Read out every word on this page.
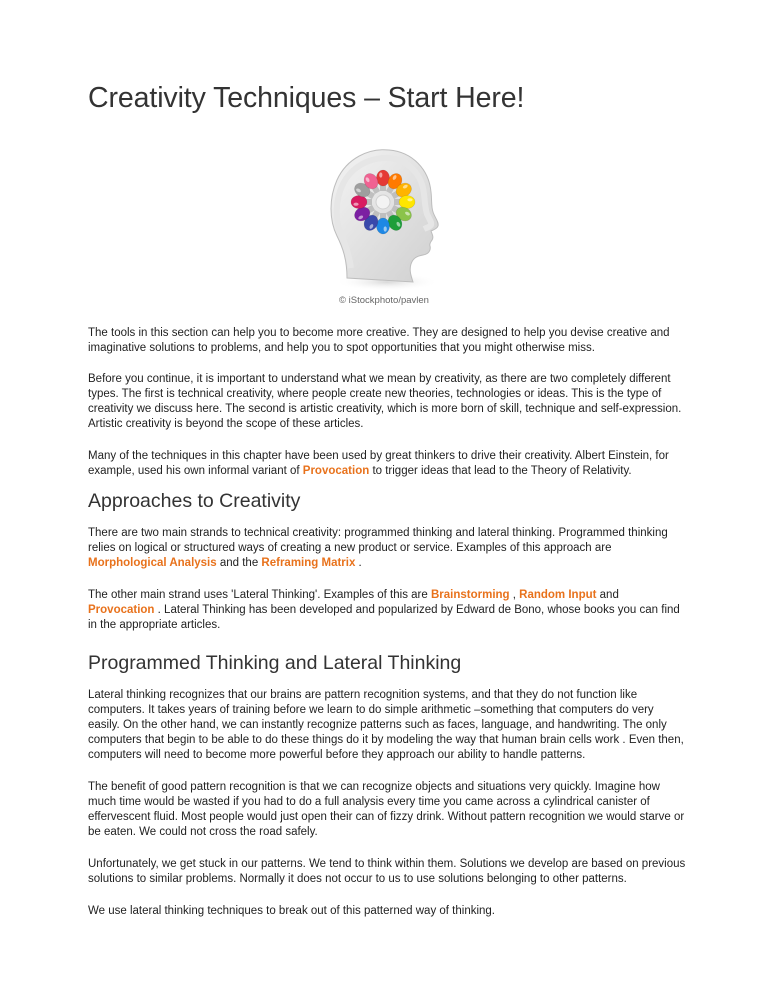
Creativity Techniques – Start Here!
© iStockphoto/pavlen

The tools in this section can help you to become more creative. They are designed to help you devise creative and imaginative solutions to problems, and help you to spot opportunities that you might otherwise miss.

Before you continue, it is important to understand what we mean by creativity, as there are two completely different types. The first is technical creativity, where people create new theories, technologies or ideas. This is the type of creativity we discuss here. The second is artistic creativity, which is more born of skill, technique and self-expression. Artistic creativity is beyond the scope of these articles.

Many of the techniques in this chapter have been used by great thinkers to drive their creativity. Albert Einstein, for example, used his own informal variant of Provocation to trigger ideas that lead to the Theory of Relativity.

Approaches to Creativity

There are two main strands to technical creativity: programmed thinking and lateral thinking. Programmed thinking relies on logical or structured ways of creating a new product or service. Examples of this approach are Morphological Analysis and the Reframing Matrix .

The other main strand uses 'Lateral Thinking'. Examples of this are Brainstorming , Random Input and Provocation . Lateral Thinking has been developed and popularized by Edward de Bono, whose books you can find in the appropriate articles.

Programmed Thinking and Lateral Thinking

Lateral thinking recognizes that our brains are pattern recognition systems, and that they do not function like computers. It takes years of training before we learn to do simple arithmetic –something that computers do very easily. On the other hand, we can instantly recognize patterns such as faces, language, and handwriting. The only computers that begin to be able to do these things do it by modeling the way that human brain cells work . Even then, computers will need to become more powerful before they approach our ability to handle patterns.

The benefit of good pattern recognition is that we can recognize objects and situations very quickly. Imagine how much time would be wasted if you had to do a full analysis every time you came across a cylindrical canister of effervescent fluid. Most people would just open their can of fizzy drink. Without pattern recognition we would starve or be eaten. We could not cross the road safely.

Unfortunately, we get stuck in our patterns. We tend to think within them. Solutions we develop are based on previous solutions to similar problems. Normally it does not occur to us to use solutions belonging to other patterns.

We use lateral thinking techniques to break out of this patterned way of thinking.
